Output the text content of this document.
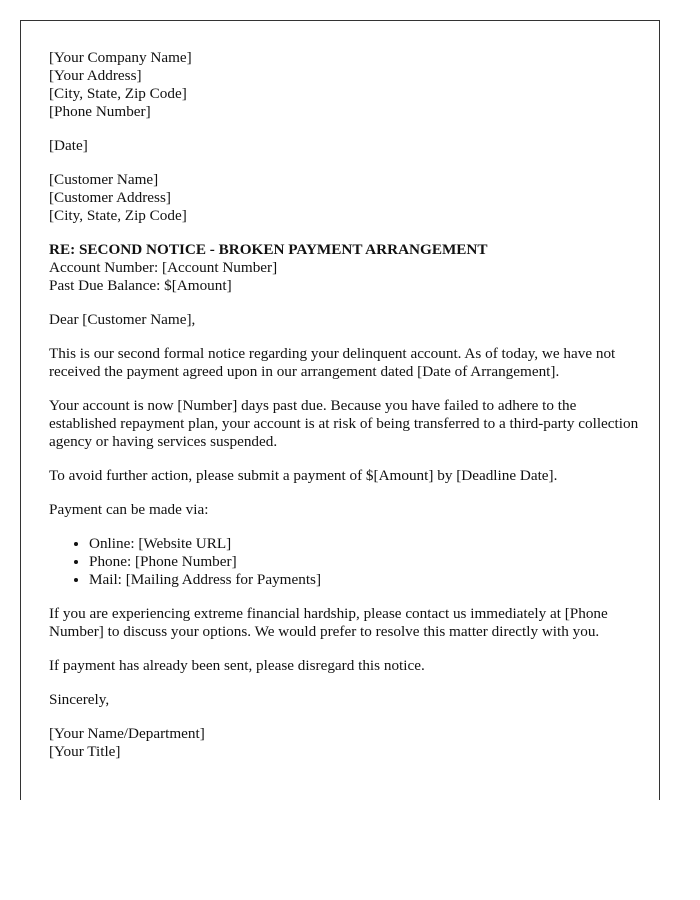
[Your Company Name]
[Your Address]
[City, State, Zip Code]
[Phone Number]
[Date]
[Customer Name]
[Customer Address]
[City, State, Zip Code]
RE: SECOND NOTICE - BROKEN PAYMENT ARRANGEMENT
Account Number: [Account Number]
Past Due Balance: $[Amount]

Dear [Customer Name],

This is our second formal notice regarding your delinquent account. As of today, we have not received the payment agreed upon in our arrangement dated [Date of Arrangement].

Your account is now [Number] days past due. Because you have failed to adhere to the established repayment plan, your account is at risk of being transferred to a third-party collection agency or having services suspended.

To avoid further action, please submit a payment of $[Amount] by [Deadline Date].

Payment can be made via:

• Online: [Website URL]
• Phone: [Phone Number]
• Mail: [Mailing Address for Payments]

If you are experiencing extreme financial hardship, please contact us immediately at [Phone Number] to discuss your options. We would prefer to resolve this matter directly with you.

If payment has already been sent, please disregard this notice.

Sincerely,

[Your Name/Department]
[Your Title]
